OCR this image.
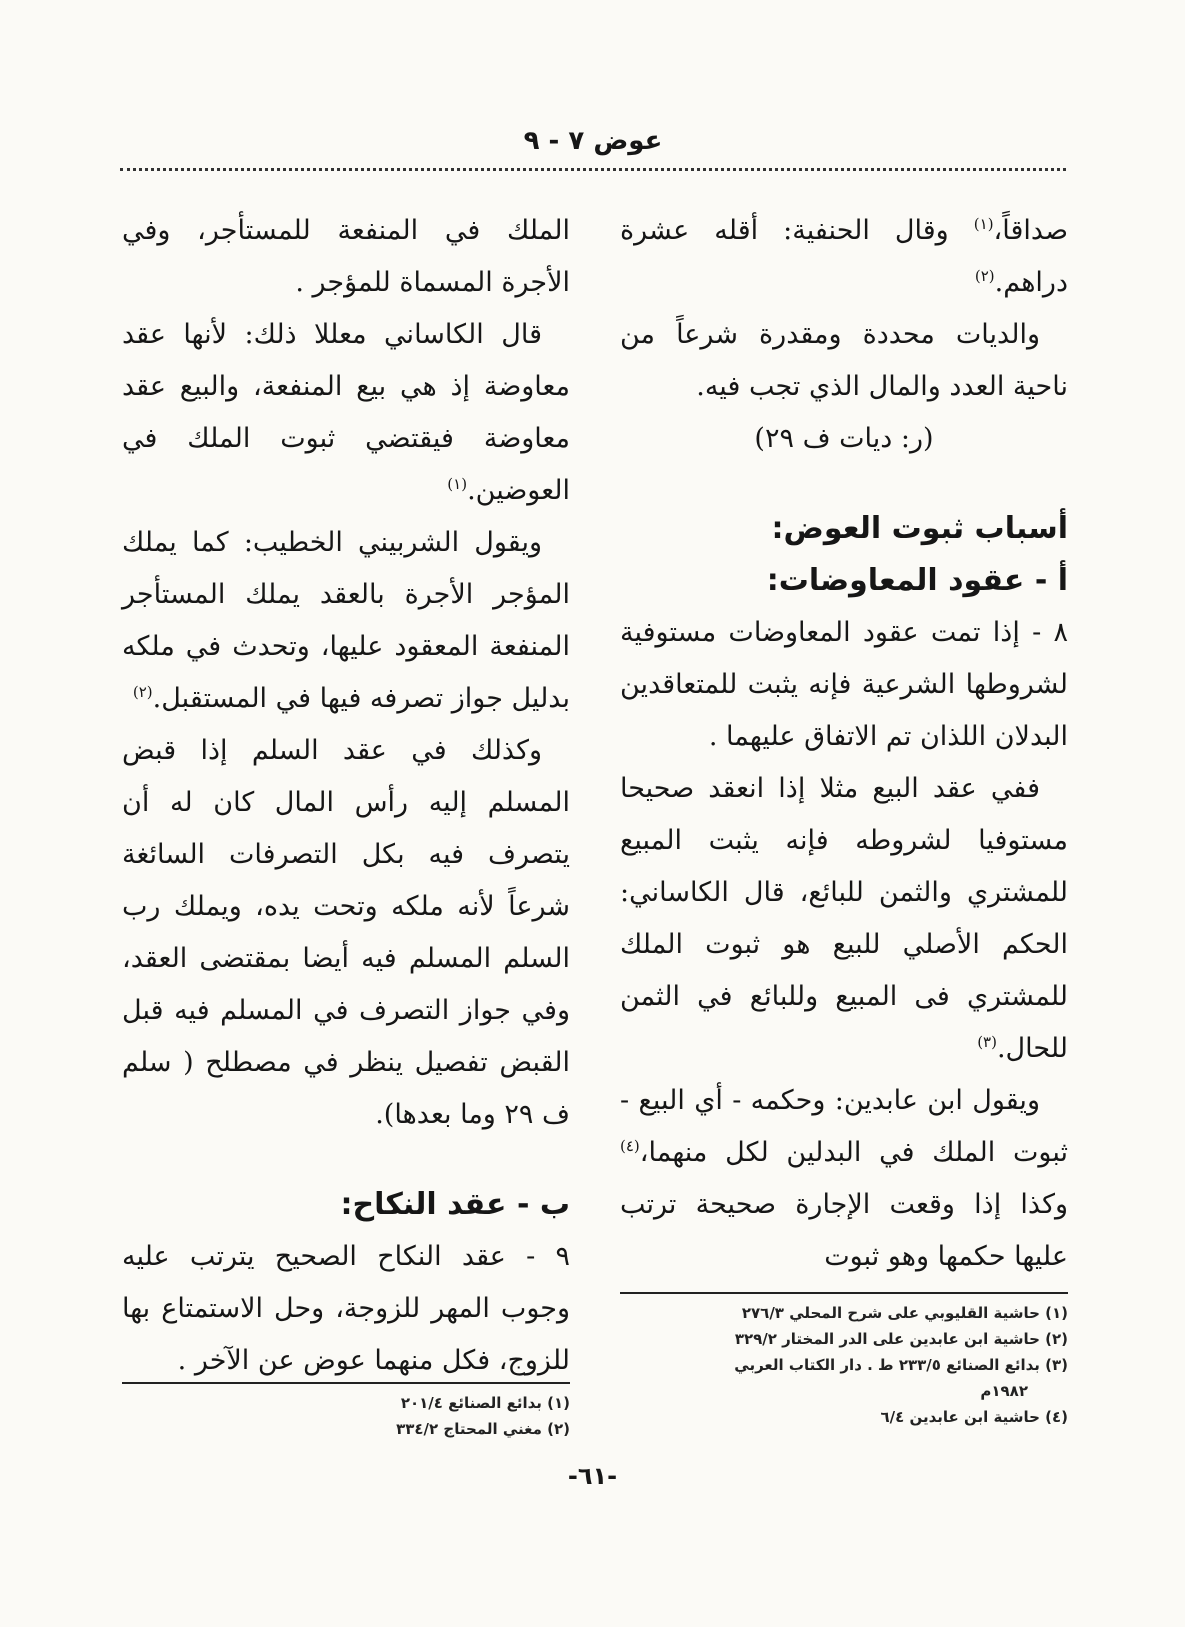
عوض ٧ - ٩

صداقاً،$^{(١)}$ وقال الحنفية: أقله عشرة دراهم.$^{(٢)}$

والديات محددة ومقدرة شرعاً من ناحية العدد والمال الذي تجب فيه.

(ر: ديات ف ٢٩)

أسباب ثبوت العوض:

أ - عقود المعاوضات:

٨ - إذا تمت عقود المعاوضات مستوفية لشروطها الشرعية فإنه يثبت للمتعاقدين البدلان اللذان تم الاتفاق عليهما .

ففي عقد البيع مثلا إذا انعقد صحيحا مستوفيا لشروطه فإنه يثبت المبيع للمشتري والثمن للبائع، قال الكاساني: الحكم الأصلي للبيع هو ثبوت الملك للمشتري فى المبيع وللبائع في الثمن للحال.$^{(٣)}$

ويقول ابن عابدين: وحكمه - أي البيع - ثبوت الملك في البدلين لكل منهما،$^{(٤)}$ وكذا إذا وقعت الإجارة صحيحة ترتب عليها حكمها وهو ثبوت

الملك في المنفعة للمستأجر، وفي الأجرة المسماة للمؤجر .

قال الكاساني معللا ذلك: لأنها عقد معاوضة إذ هي بيع المنفعة، والبيع عقد معاوضة فيقتضي ثبوت الملك في العوضين.$^{(١)}$

ويقول الشربيني الخطيب: كما يملك المؤجر الأجرة بالعقد يملك المستأجر المنفعة المعقود عليها، وتحدث في ملكه بدليل جواز تصرفه فيها في المستقبل.$^{(٢)}$

وكذلك في عقد السلم إذا قبض المسلم إليه رأس المال كان له أن يتصرف فيه بكل التصرفات السائغة شرعاً لأنه ملكه وتحت يده، ويملك رب السلم المسلم فيه أيضا بمقتضى العقد، وفي جواز التصرف في المسلم فيه قبل القبض تفصيل ينظر في مصطلح ( سلم ف ٢٩ وما بعدها).

ب - عقد النكاح:

٩ - عقد النكاح الصحيح يترتب عليه وجوب المهر للزوجة، وحل الاستمتاع بها للزوج، فكل منهما عوض عن الآخر .

(١) حاشية القليوبي على شرح المحلي ٢٧٦/٣
(٢) حاشية ابن عابدين على الدر المختار ٣٢٩/٢
(٣) بدائع الصنائع ٢٣٣/٥ ط . دار الكتاب العربي
١٩٨٢م
(٤) حاشية ابن عابدين ٦/٤
(١) بدائع الصنائع ٢٠١/٤
(٢) مغني المحتاج ٣٣٤/٢
-٦١-
